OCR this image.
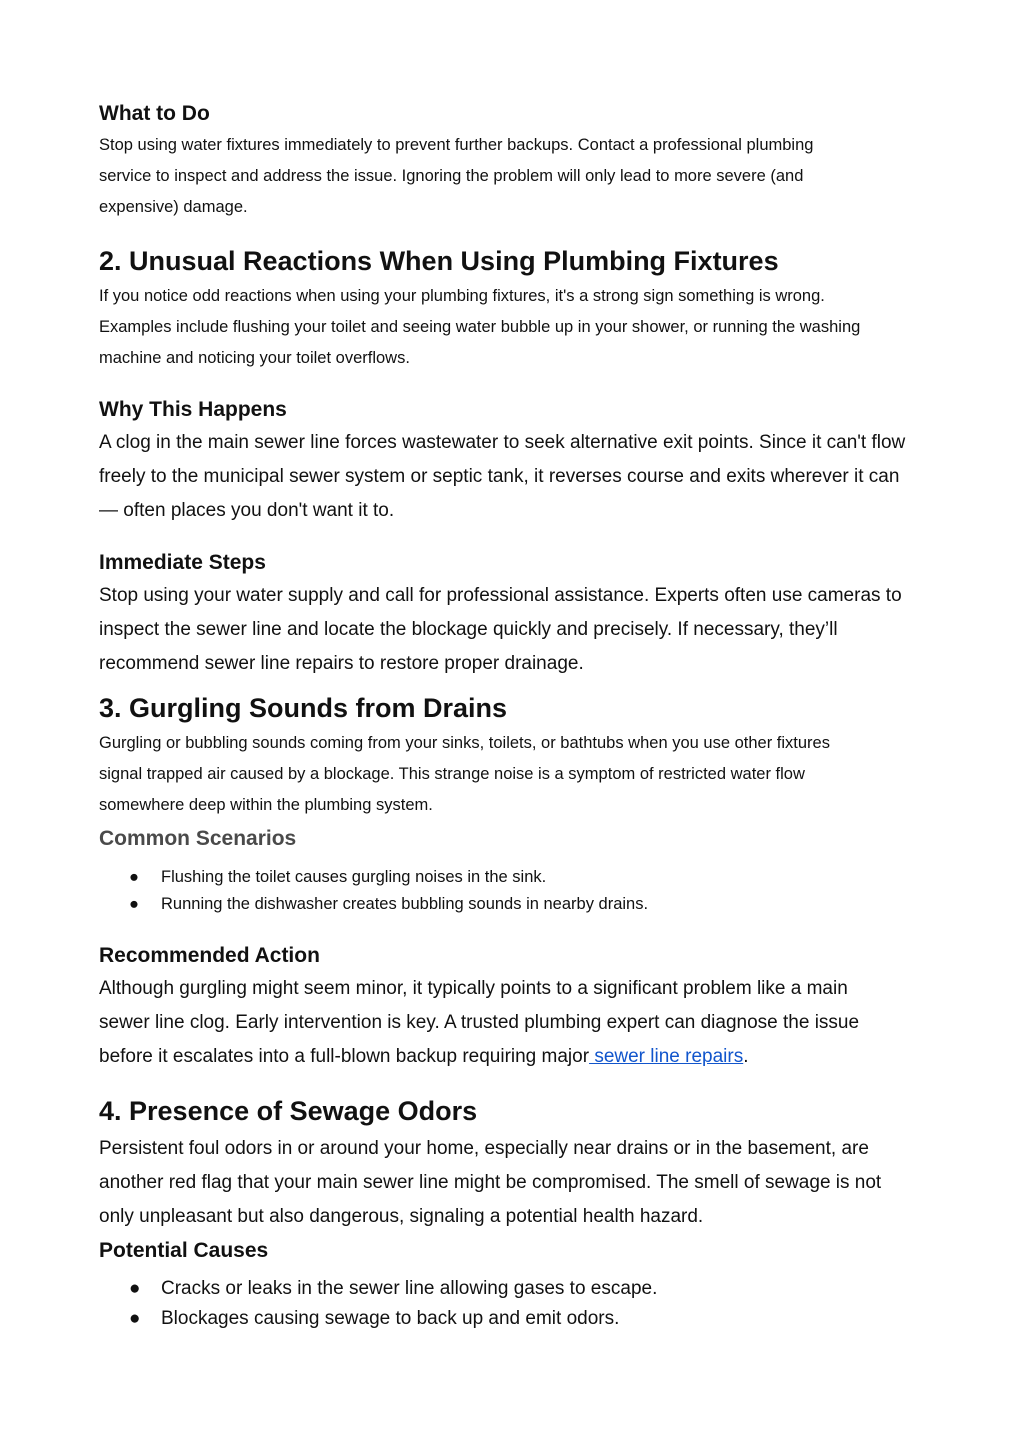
What to Do
Stop using water fixtures immediately to prevent further backups. Contact a professional plumbing
service to inspect and address the issue. Ignoring the problem will only lead to more severe (and
expensive) damage.
2. Unusual Reactions When Using Plumbing Fixtures
If you notice odd reactions when using your plumbing fixtures, it's a strong sign something is wrong.
Examples include flushing your toilet and seeing water bubble up in your shower, or running the washing
machine and noticing your toilet overflows.
Why This Happens
A clog in the main sewer line forces wastewater to seek alternative exit points. Since it can't flow
freely to the municipal sewer system or septic tank, it reverses course and exits wherever it can
— often places you don't want it to.
Immediate Steps
Stop using your water supply and call for professional assistance. Experts often use cameras to
inspect the sewer line and locate the blockage quickly and precisely. If necessary, they’ll
recommend sewer line repairs to restore proper drainage.
3. Gurgling Sounds from Drains
Gurgling or bubbling sounds coming from your sinks, toilets, or bathtubs when you use other fixtures
signal trapped air caused by a blockage. This strange noise is a symptom of restricted water flow
somewhere deep within the plumbing system.
Common Scenarios
● Flushing the toilet causes gurgling noises in the sink.
● Running the dishwasher creates bubbling sounds in nearby drains.
Recommended Action
Although gurgling might seem minor, it typically points to a significant problem like a main
sewer line clog. Early intervention is key. A trusted plumbing expert can diagnose the issue
before it escalates into a full-blown backup requiring major sewer line repairs.
4. Presence of Sewage Odors
Persistent foul odors in or around your home, especially near drains or in the basement, are
another red flag that your main sewer line might be compromised. The smell of sewage is not
only unpleasant but also dangerous, signaling a potential health hazard.
Potential Causes
● Cracks or leaks in the sewer line allowing gases to escape.
● Blockages causing sewage to back up and emit odors.
